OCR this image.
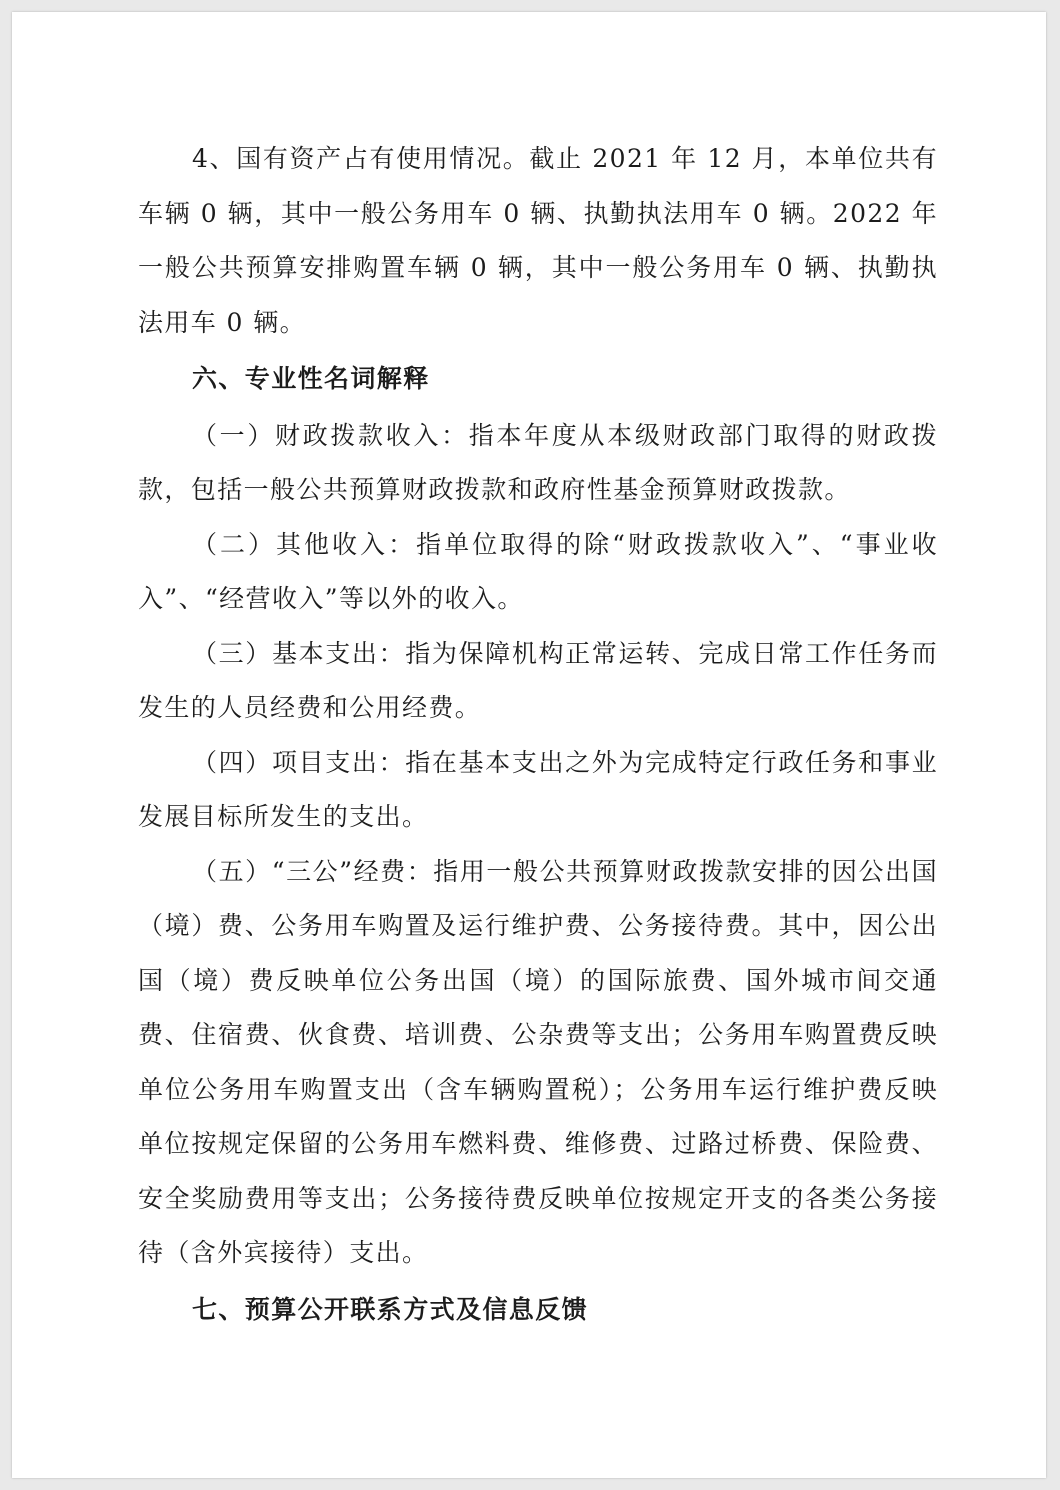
4、国有资产占有使用情况。截止 2021 年 12 月，本单位共有车辆 0 辆，其中一般公务用车 0 辆、执勤执法用车 0 辆。2022 年一般公共预算安排购置车辆 0 辆，其中一般公务用车 0 辆、执勤执法用车 0 辆。

六、专业性名词解释

（一）财政拨款收入：指本年度从本级财政部门取得的财政拨款，包括一般公共预算财政拨款和政府性基金预算财政拨款。

（二）其他收入：指单位取得的除“财政拨款收入”、“事业收入”、“经营收入”等以外的收入。

（三）基本支出：指为保障机构正常运转、完成日常工作任务而发生的人员经费和公用经费。

（四）项目支出：指在基本支出之外为完成特定行政任务和事业发展目标所发生的支出。

（五）“三公”经费：指用一般公共预算财政拨款安排的因公出国（境）费、公务用车购置及运行维护费、公务接待费。其中，因公出国（境）费反映单位公务出国（境）的国际旅费、国外城市间交通费、住宿费、伙食费、培训费、公杂费等支出；公务用车购置费反映单位公务用车购置支出（含车辆购置税）；公务用车运行维护费反映单位按规定保留的公务用车燃料费、维修费、过路过桥费、保险费、安全奖励费用等支出；公务接待费反映单位按规定开支的各类公务接待（含外宾接待）支出。

七、预算公开联系方式及信息反馈
